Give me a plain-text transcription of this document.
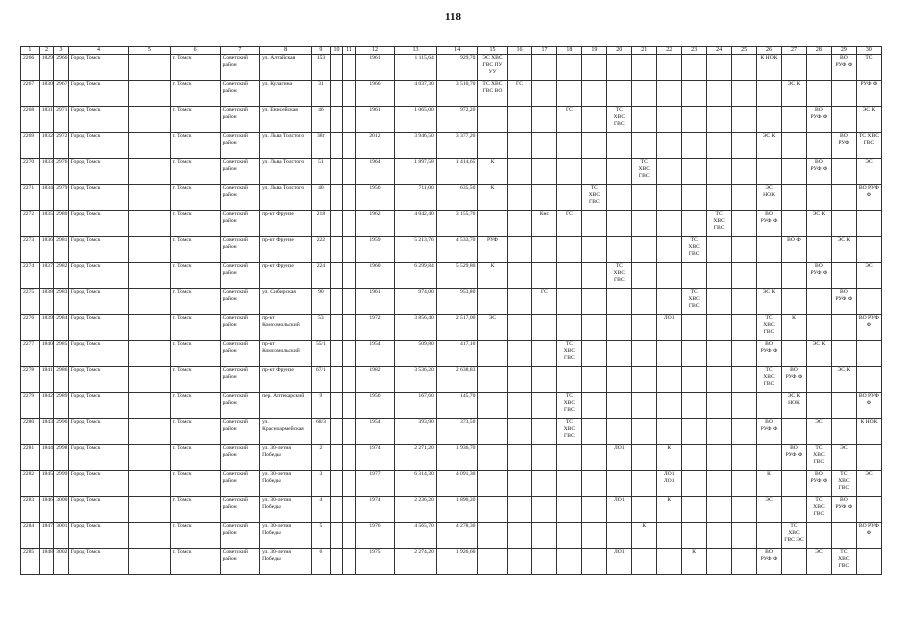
118
1	2	3	4	5	6	7	8	9	10	11	12	13	14	15	16	17	18	19	20	21	22	23	24	25	26	27	28	29	30
2266	1829	2966	Город Томск		г. Томск	Советский район	ул. Алтайская	153			1961	1 115,64	929,70	ЭС ХВС ГВС ПУ УУ											К НОК			ВО РУФ Ф	ТС
2267	1830	2967	Город Томск		г. Томск	Советский район	ул. Кулагина	31			1966	4 037,30	3 510,70	ТС ХВС ГВС ВО	ГС											ЭС К			РУФ Ф
2268	1831	2971	Город Томск		г. Томск	Советский район	ул. Енисейская	46			1961	1 065,00	972,20				ГС		ТС ХВС ГВС								ВО РУФ Ф		ЭС К
2269	1832	2972	Город Томск		г. Томск	Советский район	ул. Льва Толстого	38г			2012	3 946,50	3 377,20												ЭС К			ВО РУФ	ТС ХВС ГВС
2270	1833	2976	Город Томск		г. Томск	Советский район	ул. Льва Толстого	51			1964	1 897,58	1 414,65	К						ТС ХВС ГВС							ВО РУФ Ф		ЭС
2271	1834	2979	Город Томск		г. Томск	Советский район	ул. Льва Толстого	40			1956	711,00	635,50	К				ТС ХВС ГВС							ЭС НОК				ВО РУФ Ф
2272	1835	2980	Город Томск		г. Томск	Советский район	пр-кт Фрунзе	218			1962	4 042,40	3 155,70			Кнс	ГС						ТС ХВС ГВС		ВО РУФ Ф		ЭС К		
2273	1836	2981	Город Томск		г. Томск	Советский район	пр-кт Фрунзе	222			1959	5 213,76	4 533,70	РУФ								ТС ХВС ГВС				ВО Ф		ЭС К	
2274	1837	2982	Город Томск		г. Томск	Советский район	пр-кт Фрунзе	224			1960	6 299,84	5 529,80	К					ТС ХВС ГВС								ВО РУФ Ф		ЭС
2275	1838	2983	Город Томск		г. Томск	Советский район	ул. Сибирская	90			1961	974,00	953,80			ГС						ТС ХВС ГВС			ЭС К			ВО РУФ Ф	
2276	1839	2984	Город Томск		г. Томск	Советский район	пр-кт Комсомольский	53			1972	3 856,40	2 517,00	ЭС							ЛО1				ТС ХВС ГВС	К			ВО РУФ Ф
2277	1840	2985	Город Томск		г. Томск	Советский район	пр-кт Комсомольский	55/1			1954	509,80	417,10				ТС ХВС ГВС								ВО РУФ Ф		ЭС К		
2278	1841	2986	Город Томск		г. Томск	Советский район	пр-кт Фрунзе	67/1			1982	3 536,20	2 638,83												ТС ХВС ГВС	ВО РУФ Ф		ЭС К	
2279	1842	2989	Город Томск		г. Томск	Советский район	пер. Аптекарский	9			1956	167,60	145,70				ТС ХВС ГВС									ЭС К НОК			ВО РУФ Ф
2280	1843	2996	Город Томск		г. Томск	Советский район	ул. Красноармейская	68/3			1954	393,90	373,50				ТС ХВС ГВС								ВО РУФ Ф		ЭС		К НОК
2281	1844	2998	Город Томск		г. Томск	Советский район	ул. 30-летия Победы	2			1974	2 271,20	1 936,70						ЛО1		К					ВО РУФ Ф	ТС ХВС ГВС	ЭС	
2282	1845	2999	Город Томск		г. Томск	Советский район	ул. 30-летия Победы	3			1977	6 314,30	4 091,30								ЛО1 ЛО1				К		ВО РУФ Ф	ТС ХВС ГВС	ЭС
2283	1846	3000	Город Томск		г. Томск	Советский район	ул. 30-летия Победы	4			1974	2 236,20	1 890,20						ЛО1		К				ЭС		ТС ХВС ГВС	ВО РУФ Ф	
2284	1847	3001	Город Томск		г. Томск	Советский район	ул. 30-летия Победы	5			1976	4 565,70	4 278,30							К						ТС ХВС ГВС ЭС			ВО РУФ Ф
2285	1848	3002	Город Томск		г. Томск	Советский район	ул. 30-летия Победы	6			1975	2 274,20	1 926,60						ЛО1			К			ВО РУФ Ф		ЭС	ТС ХВС ГВС	
